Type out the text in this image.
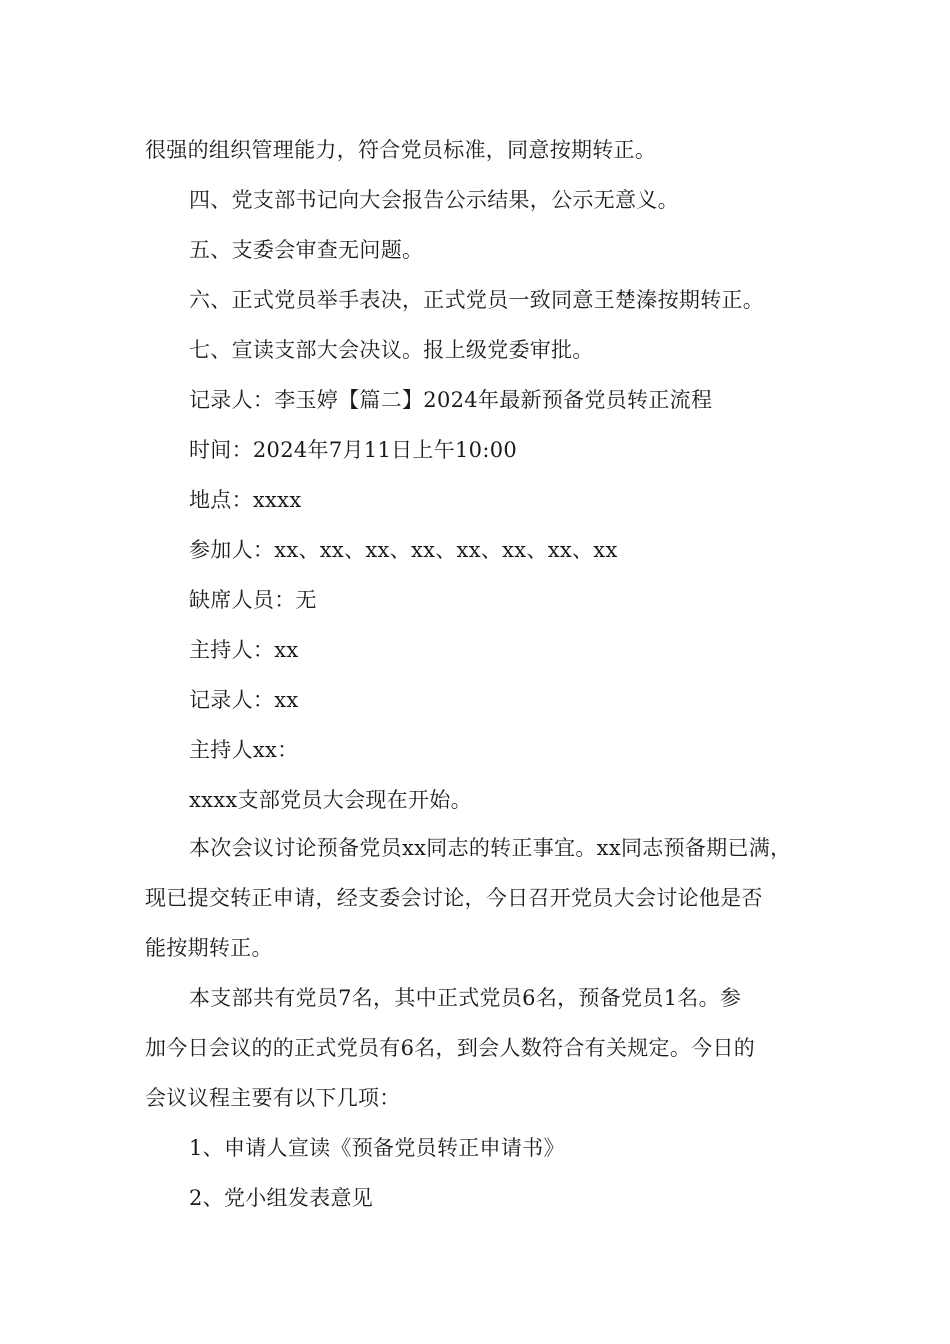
很强的组织管理能力，符合党员标准，同意按期转正。
四、党支部书记向大会报告公示结果，公示无意义。
五、支委会审查无问题。
六、正式党员举手表决，正式党员一致同意王楚溱按期转正。
七、宣读支部大会决议。报上级党委审批。
记录人：李玉婷【篇二】2024年最新预备党员转正流程
时间：2024年7月11日上午10:00
地点：xxxx
参加人：xx、xx、xx、xx、xx、xx、xx、xx
缺席人员：无
主持人：xx
记录人：xx
主持人xx：
xxxx支部党员大会现在开始。
本次会议讨论预备党员xx同志的转正事宜。xx同志预备期已满，
现已提交转正申请，经支委会讨论，今日召开党员大会讨论他是否
能按期转正。
本支部共有党员7名，其中正式党员6名，预备党员1名。参
加今日会议的的正式党员有6名，到会人数符合有关规定。今日的
会议议程主要有以下几项：
1、申请人宣读《预备党员转正申请书》
2、党小组发表意见
